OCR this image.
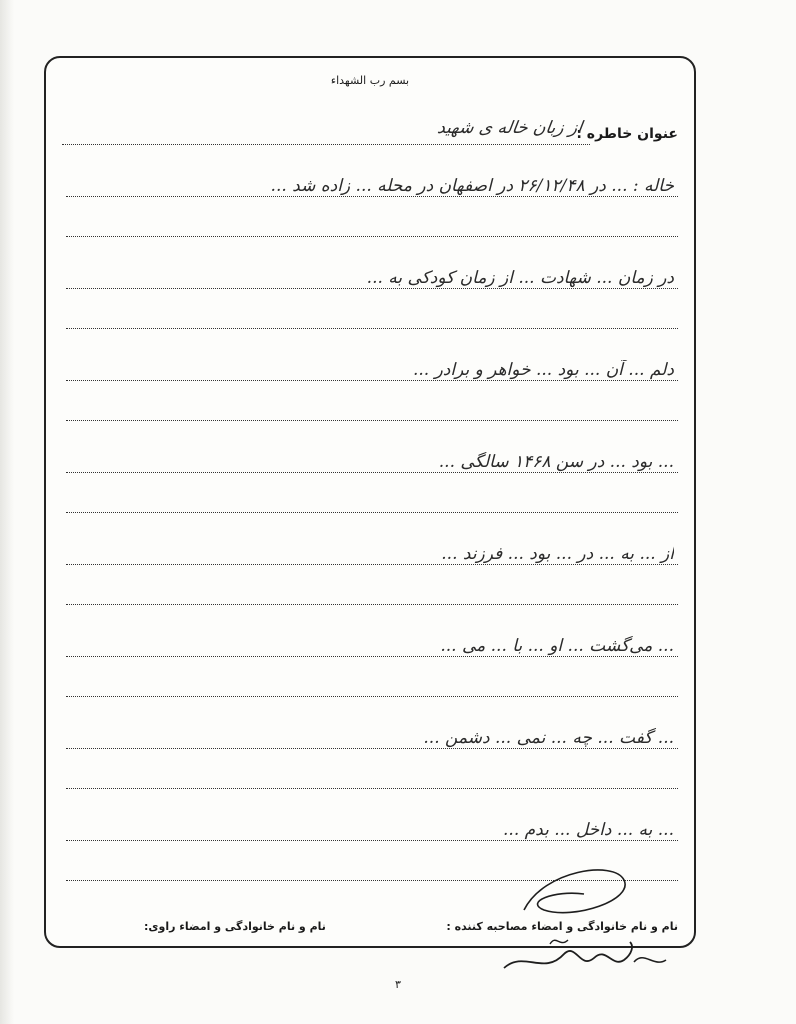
بسم رب الشهداء
عنوان خاطره :
از زبان خاله ی شهید
خاله : ... در ۲۶/۱۲/۴۸ در اصفهان در محله ... زاده شد ...
در زمان ... شهادت ... از زمان کودکی به ...
دلم ... آن ... بود ... خواهر و برادر ...
... بود ... در سن ۱۴۶۸ سالگی ...
از ... به ... در ... بود ... فرزند ...
... می‌گشت ... او ... با ... می ...
... گفت ... چه ... نمی ... دشمن ...
... به ... داخل ... بدم ...
نام و نام خانوادگی و امضاء مصاحبه کننده :
نام و نام خانوادگی و امضاء راوی:
۳
